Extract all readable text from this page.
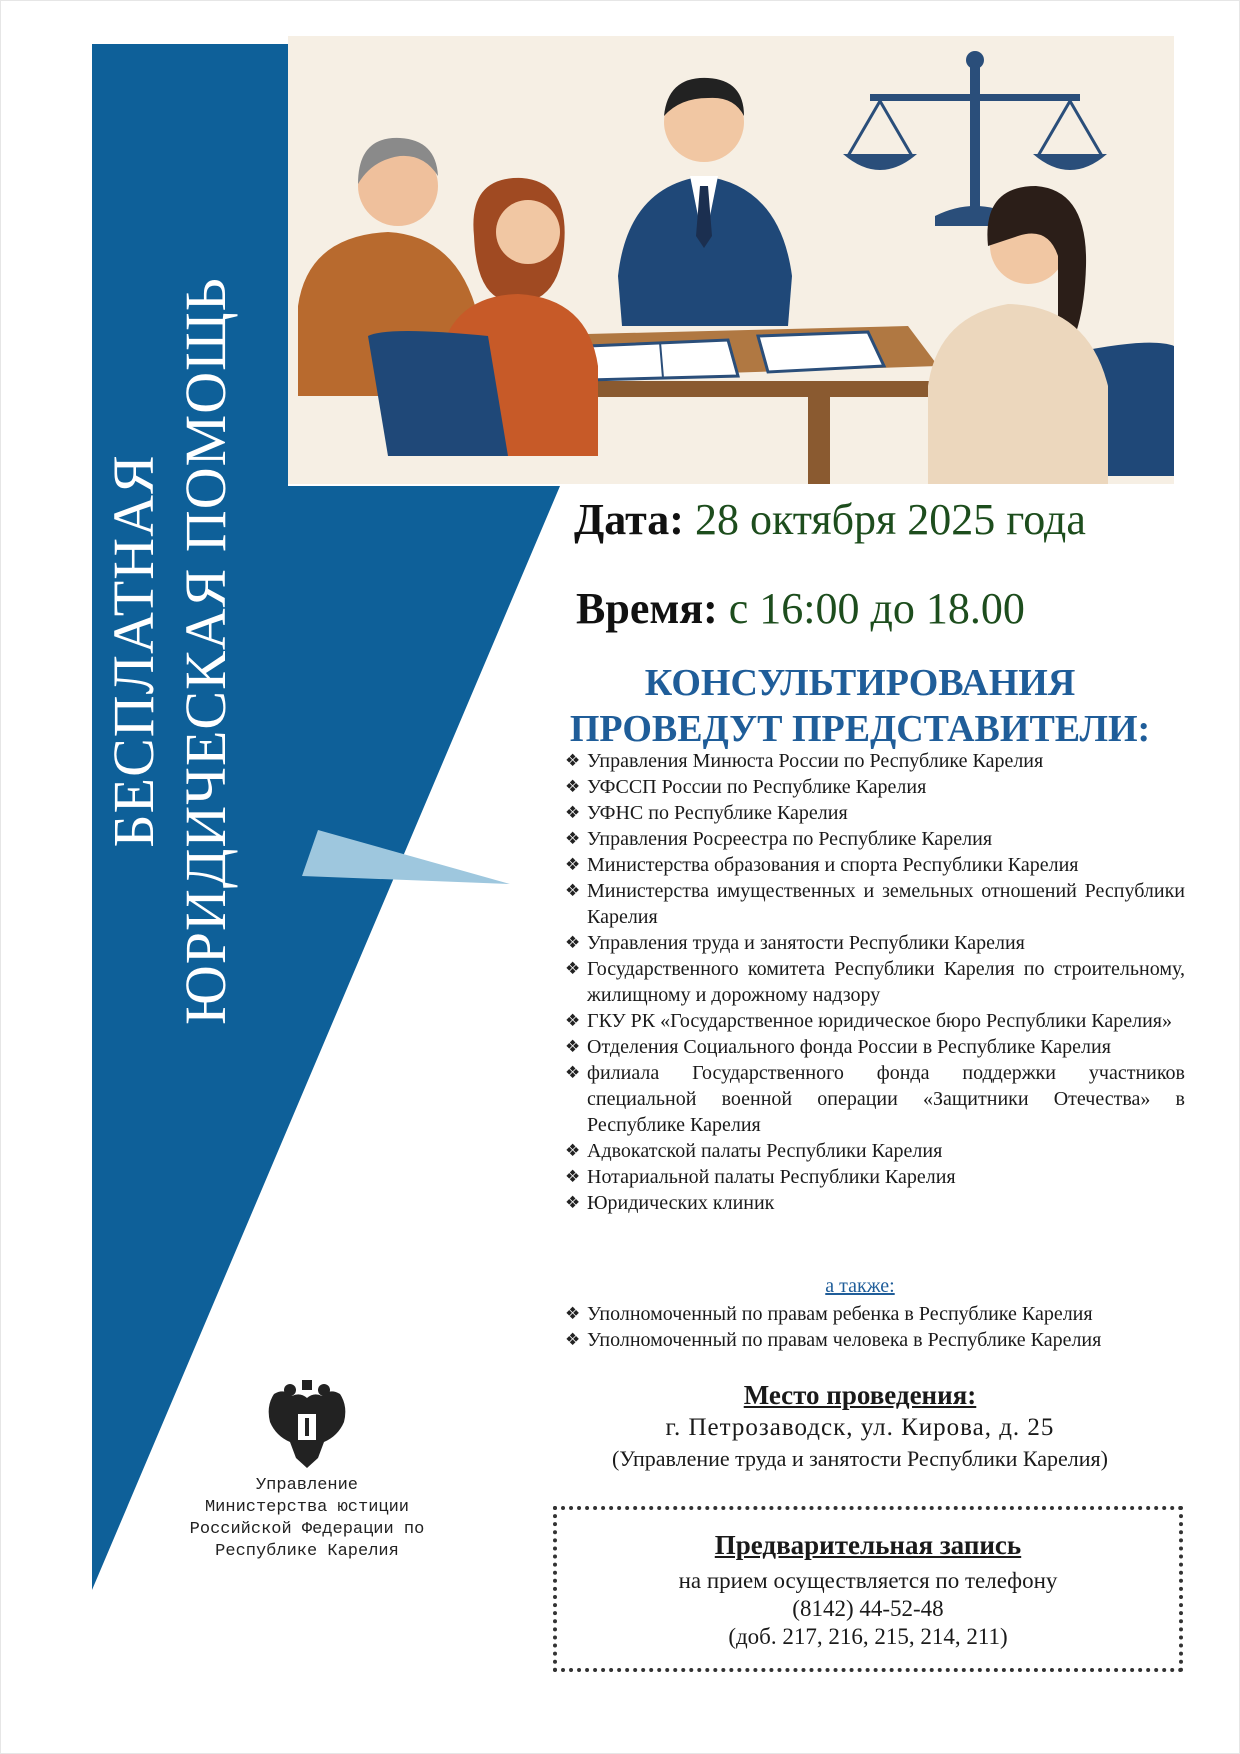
БЕСПЛАТНАЯ ЮРИДИЧЕСКАЯ ПОМОЩЬ	Дата: 28 октября 2025 года
Время: с 16:00 до 18.00
КОНСУЛЬТИРОВАНИЯ
ПРОВЕДУТ ПРЕДСТАВИТЕЛИ:
❖ Управления Минюста России по Республике Карелия
❖ УФССП России по Республике Карелия
❖ УФНС по Республике Карелия
❖ Управления Росреестра по Республике Карелия
❖ Министерства образования и спорта Республики Карелия
❖ Министерства имущественных и земельных отношений Республики Карелия
❖ Управления труда и занятости Республики Карелия
❖ Государственного комитета Республики Карелия по строительному, жилищному и дорожному надзору
❖ ГКУ РК «Государственное юридическое бюро Республики Карелия»
❖ Отделения Социального фонда России в Республике Карелия
❖ филиала Государственного фонда поддержки участников специальной военной операции «Защитники Отечества» в Республике Карелия
❖ Адвокатской палаты Республики Карелия
❖ Нотариальной палаты Республики Карелия
❖ Юридических клиник
а также:
❖ Уполномоченный по правам ребенка в Республике Карелия
❖ Уполномоченный по правам человека в Республике Карелия
Место проведения:
г. Петрозаводск, ул. Кирова, д. 25
(Управление труда и занятости Республики Карелия)
Предварительная запись
на прием осуществляется по телефону
(8142) 44-52-48
(доб. 217, 216, 215, 214, 211)
Управление
Министерства юстиции
Российской Федерации по
Республике Карелия
